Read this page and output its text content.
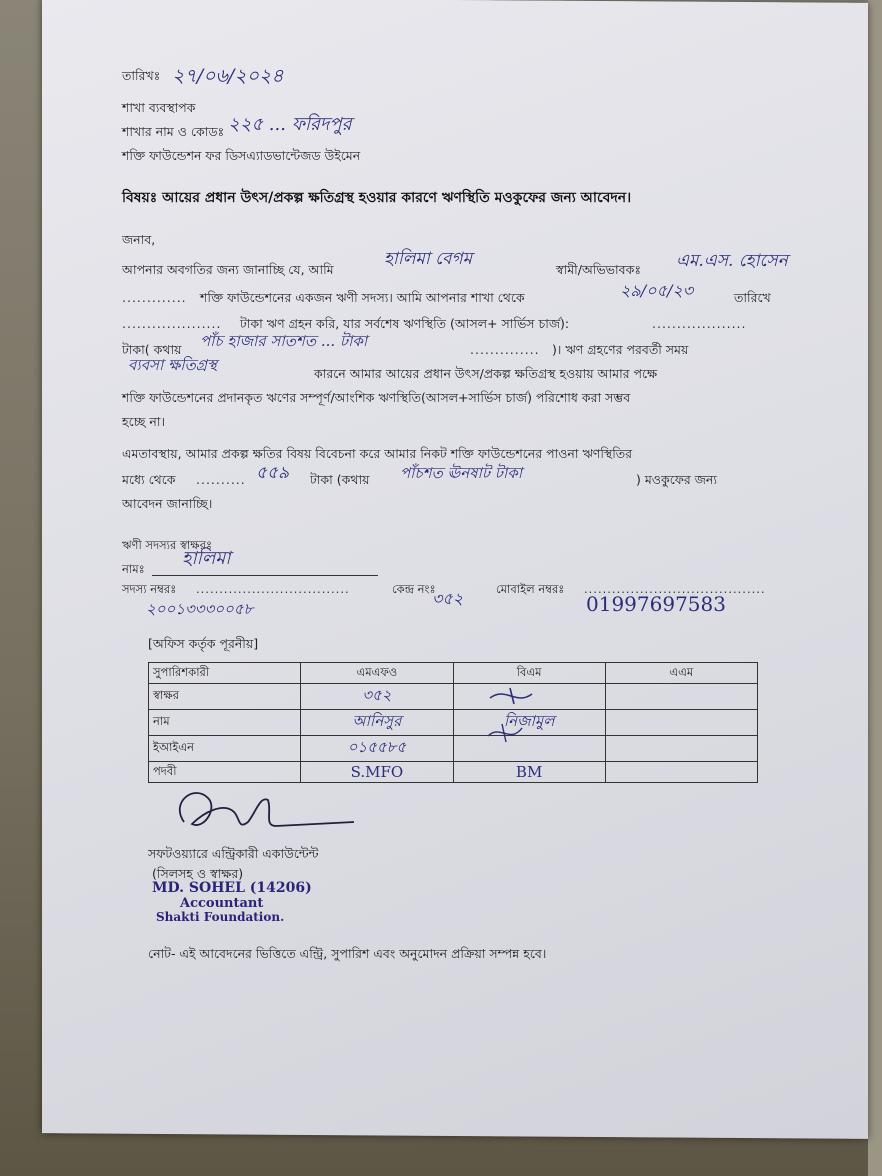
তারিখঃ ২৭/০৬/২০২৪
শাখা ব্যবস্থাপক
শাখার নাম ও কোডঃ ২২৫ ... ফরিদপুর
শক্তি ফাউন্ডেশন ফর ডিসএ্যাডভান্টেজড উইমেন
বিষয়ঃ আয়ের প্রধান উৎস/প্রকল্প ক্ষতিগ্রস্থ হওয়ার কারণে ঋণস্থিতি মওকুফের জন্য আবেদন।
জনাব,
আপনার অবগতির জন্য জানাচ্ছি যে, আমি
হালিমা বেগম
স্বামী/অভিভাবকঃ এম.এস. হোসেন
............. শক্তি ফাউন্ডেশনের একজন ঋণী সদস্য। আমি আপনার শাখা থেকে	২৯/০৫/২৩	তারিখে
.................... টাকা ঋণ গ্রহন করি, যার সর্বশেষ ঋণস্থিতি (আসল+ সার্ভিস চার্জ):	...................
টাকা( কথায় পাঁচ হাজার সাতশত ... টাকা	.............. )। ঋণ গ্রহণের পরবর্তী সময়
ব্যবসা ক্ষতিগ্রস্থ	কারনে আমার আয়ের প্রধান উৎস/প্রকল্প ক্ষতিগ্রস্থ হওয়ায় আমার পক্ষে
শক্তি ফাউন্ডেশনের প্রদানকৃত ঋণের সম্পূর্ণ/আংশিক ঋণস্থিতি(আসল+সার্ভিস চার্জ) পরিশোধ করা সম্ভব
হচ্ছে না।
এমতাবস্থায়, আমার প্রকল্প ক্ষতির বিষয় বিবেচনা করে আমার নিকট শক্তি ফাউন্ডেশনের পাওনা ঋণস্থিতির
মধ্যে থেকে .......... ৫৫৯ টাকা (কথায় পাঁচশত ঊনষাট টাকা	) মওকুফের জন্য
আবেদন জানাচ্ছি।
ঋণী সদস্যর স্বাক্ষরঃ
হালিমা
নামঃ
সদস্য নম্বরঃ .................................
২০০১৩৩৩০০৫৮
কেন্দ্র নংঃ
৩৫২	মোবাইল নম্বরঃ .......................................
01997697583
[অফিস কর্তৃক পূরনীয়]
সুপারিশকারী	এমএফও	বিএম	এএম
স্বাক্ষর	৩৫২		
নাম	আনিসুর	নিজামুল	
ইআইএন	০১৫৫৮৫		
পদবী	S.MFO	BM	
সফটওয়্যারে এন্ট্রিকারী একাউন্টেন্ট
(সিলসহ ও স্বাক্ষর)
MD. SOHEL (14206)
Accountant
Shakti Foundation.
নোট- এই আবেদনের ভিত্তিতে এন্ট্রি, সুপারিশ এবং অনুমোদন প্রক্রিয়া সম্পন্ন হবে।
